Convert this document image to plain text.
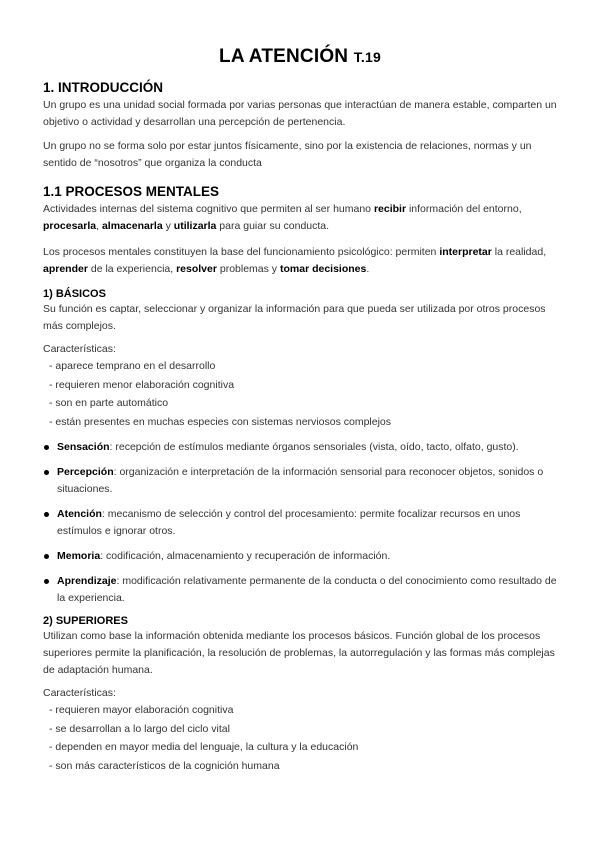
LA ATENCIÓN T.19
1. INTRODUCCIÓN

Un grupo es una unidad social formada por varias personas que interactúan de manera estable, comparten un objetivo o actividad y desarrollan una percepción de pertenencia.

Un grupo no se forma solo por estar juntos físicamente, sino por la existencia de relaciones, normas y un sentido de “nosotros” que organiza la conducta

1.1 PROCESOS MENTALES

Actividades internas del sistema cognitivo que permiten al ser humano recibir información del entorno, procesarla, almacenarla y utilizarla para guiar su conducta.

Los procesos mentales constituyen la base del funcionamiento psicológico: permiten interpretar la realidad, aprender de la experiencia, resolver problemas y tomar decisiones.

1) BÁSICOS

Su función es captar, seleccionar y organizar la información para que pueda ser utilizada por otros procesos más complejos.

Características:
- aparece temprano en el desarrollo
- requieren menor elaboración cognitiva
- son en parte automático
- están presentes en muchas especies con sistemas nerviosos complejos
Sensación: recepción de estímulos mediante órganos sensoriales (vista, oído, tacto, olfato, gusto).
Percepción: organización e interpretación de la información sensorial para reconocer objetos, sonidos o situaciones.
Atención: mecanismo de selección y control del procesamiento: permite focalizar recursos en unos estímulos e ignorar otros.
Memoria: codificación, almacenamiento y recuperación de información.
Aprendizaje: modificación relativamente permanente de la conducta o del conocimiento como resultado de la experiencia.
2) SUPERIORES

Utilizan como base la información obtenida mediante los procesos básicos. Función global de los procesos superiores permite la planificación, la resolución de problemas, la autorregulación y las formas más complejas de adaptación humana.

Características:
- requieren mayor elaboración cognitiva
- se desarrollan a lo largo del ciclo vital
- dependen en mayor media del lenguaje, la cultura y la educación
- son más característicos de la cognición humana
